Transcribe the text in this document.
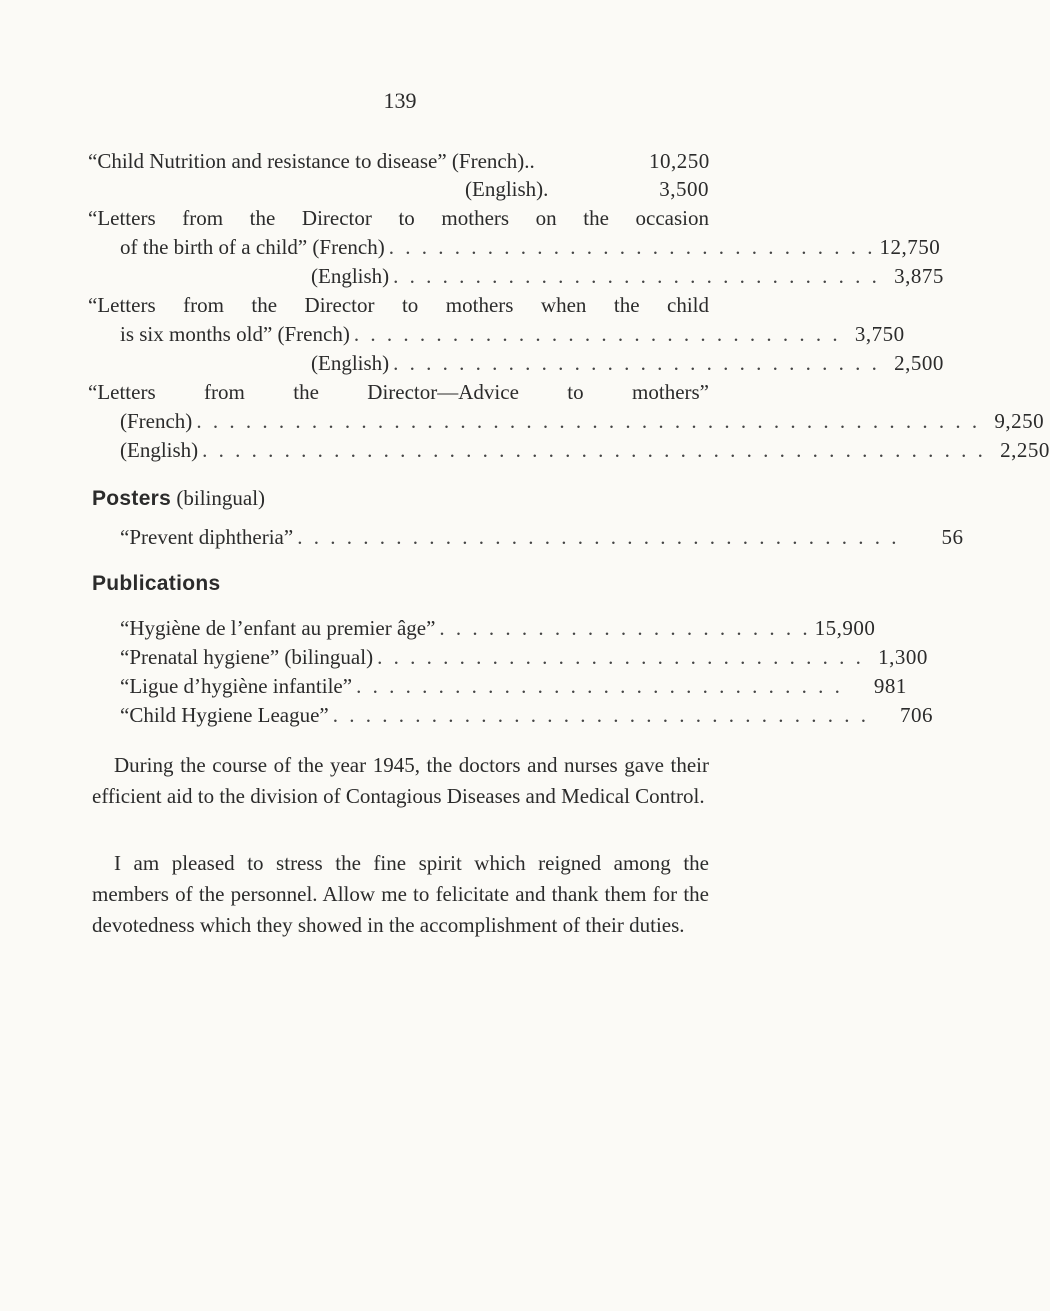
139
“Child Nutrition and resistance to disease” (French)..	10,250
(English).	3,500
“Letters from the Director to mothers on the occasion
of the birth of a child” (French) . . . . . . . . . . . . . . . . . . . . . . . . . . . . . . 12,750
(English) . . . . . . . . . . . . . . . . . . . . . . . . . . . . . . 3,875
“Letters from the Director to mothers when the child
is six months old” (French) . . . . . . . . . . . . . . . . . . . . . . . . . . . . . . 3,750
(English) . . . . . . . . . . . . . . . . . . . . . . . . . . . . . . 2,500
“Letters from the Director—Advice to mothers”
(French) . . . . . . . . . . . . . . . . . . . . . . . . . . . . . . . . . . . . . . . . . . . . . . . . 9,250
(English) . . . . . . . . . . . . . . . . . . . . . . . . . . . . . . . . . . . . . . . . . . . . . . . . 2,250
Posters (bilingual)
“Prevent diphtheria” . . . . . . . . . . . . . . . . . . . . . . . . . . . . . . . . . . . . .	56
Publications
“Hygiène de l’enfant au premier âge” . . . . . . . . . . . . . . . . . . . . . . . 15,900
“Prenatal hygiene” (bilingual) . . . . . . . . . . . . . . . . . . . . . . . . . . . . . . 1,300
“Ligue d’hygiène infantile” . . . . . . . . . . . . . . . . . . . . . . . . . . . . . .	981
“Child Hygiene League” . . . . . . . . . . . . . . . . . . . . . . . . . . . . . . . . .	706

During the course of the year 1945, the doctors and nurses gave their efficient aid to the division of Contagious Diseases and Medical Control.

I am pleased to stress the fine spirit which reigned among the members of the personnel. Allow me to felicitate and thank them for the devotedness which they showed in the accomplishment of their duties.
